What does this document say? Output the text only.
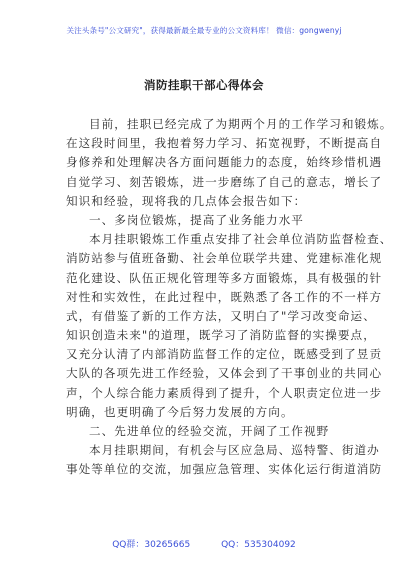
关注头条号"公文研究"，获得最新最全最专业的公文资料库！ 微信：gongwenyj
消防挂职干部心得体会
目前，挂职已经完成了为期两个月的工作学习和锻炼。
在这段时间里，我抱着努力学习、拓宽视野，不断提高自
身修养和处理解决各方面问题能力的态度，始终珍惜机遇
自觉学习、刻苦锻炼，进一步磨练了自己的意志，增长了
知识和经验，现将我的几点体会报告如下：
一、多岗位锻炼，提高了业务能力水平
本月挂职锻炼工作重点安排了社会单位消防监督检查、
消防站参与值班备勤、社会单位联学共建、党建标准化规
范化建设、队伍正规化管理等多方面锻炼，具有极强的针
对性和实效性，在此过程中，既熟悉了各工作的不一样方
式，有借鉴了新的工作方法，又明白了"学习改变命运、
知识创造未来"的道理，既学习了消防监督的实操要点，
又充分认清了内部消防监督工作的定位，既感受到了昱贡
大队的各项先进工作经验，又体会到了干事创业的共同心
声，个人综合能力素质得到了提升，个人职责定位进一步
明确，也更明确了今后努力发展的方向。
二、先进单位的经验交流，开阔了工作视野
本月挂职期间，有机会与区应急局、巡特警、街道办
事处等单位的交流，加强应急管理、实体化运行街道消防
QQ群：30265665	QQ：535304092
